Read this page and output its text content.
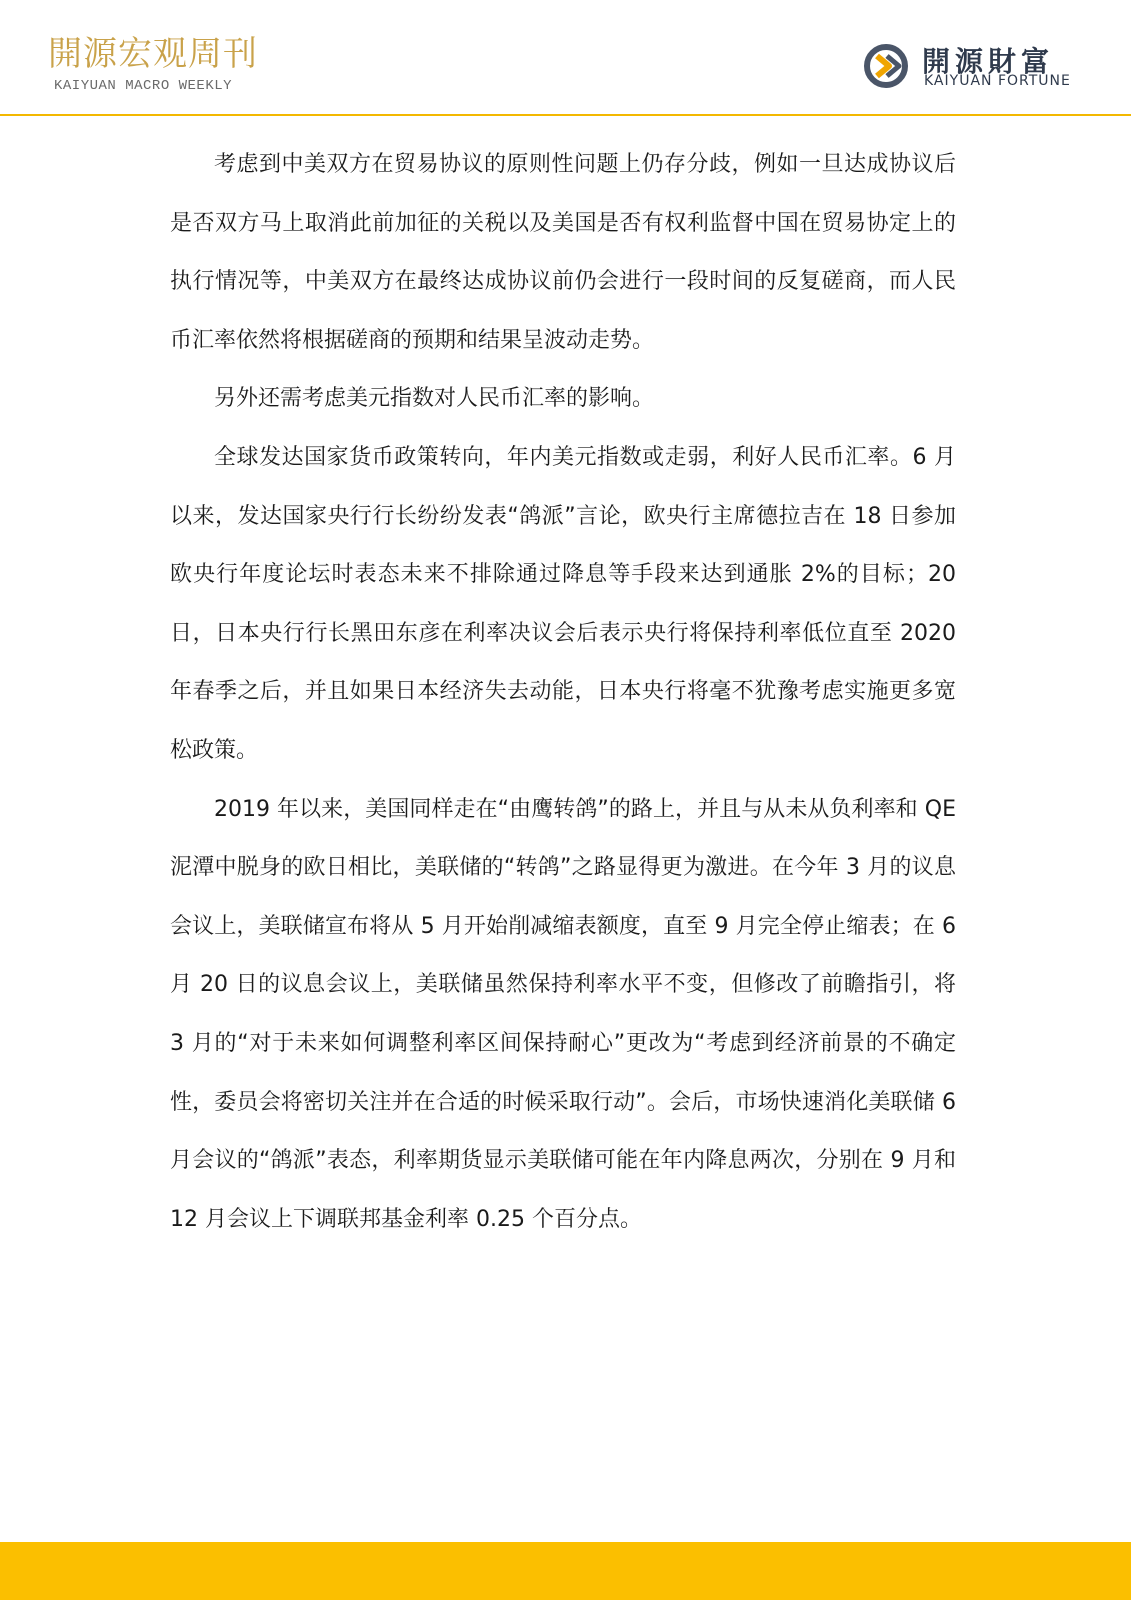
開源宏观周刊
KAIYUAN MACRO WEEKLY
開源財富
KAIYUAN FORTUNE

考虑到中美双方在贸易协议的原则性问题上仍存分歧，例如一旦达成协议后是否双方马上取消此前加征的关税以及美国是否有权利监督中国在贸易协定上的执行情况等，中美双方在最终达成协议前仍会进行一段时间的反复磋商，而人民币汇率依然将根据磋商的预期和结果呈波动走势。

另外还需考虑美元指数对人民币汇率的影响。

全球发达国家货币政策转向，年内美元指数或走弱，利好人民币汇率。6 月以来，发达国家央行行长纷纷发表“鸽派”言论，欧央行主席德拉吉在 18 日参加欧央行年度论坛时表态未来不排除通过降息等手段来达到通胀 2%的目标；20 日，日本央行行长黑田东彦在利率决议会后表示央行将保持利率低位直至 2020 年春季之后，并且如果日本经济失去动能，日本央行将毫不犹豫考虑实施更多宽松政策。

2019 年以来，美国同样走在“由鹰转鸽”的路上，并且与从未从负利率和 QE 泥潭中脱身的欧日相比，美联储的“转鸽”之路显得更为激进。在今年 3 月的议息会议上，美联储宣布将从 5 月开始削减缩表额度，直至 9 月完全停止缩表；在 6 月 20 日的议息会议上，美联储虽然保持利率水平不变，但修改了前瞻指引，将 3 月的“对于未来如何调整利率区间保持耐心”更改为“考虑到经济前景的不确定性，委员会将密切关注并在合适的时候采取行动”。会后，市场快速消化美联储 6 月会议的“鸽派”表态，利率期货显示美联储可能在年内降息两次，分别在 9 月和 12 月会议上下调联邦基金利率 0.25 个百分点。
